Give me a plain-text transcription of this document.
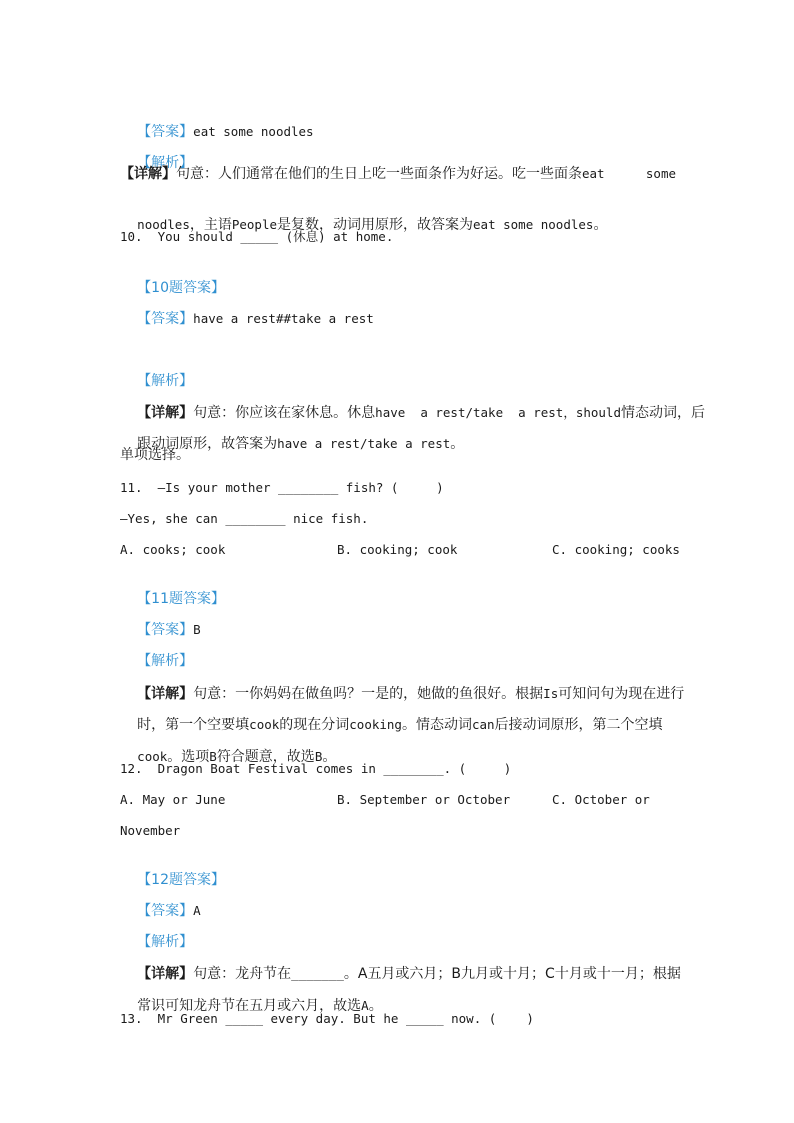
【答案】eat some noodles

【解析】

【详解】句意：人们通常在他们的生日上吃一些面条作为好运。吃一些面条eat	some

noodles，主语People是复数，动词用原形，故答案为eat some noodles。

10.  You should _____ (休息) at home.

【10题答案】

【答案】have a rest##take a rest

【解析】

【详解】句意：你应该在家休息。休息have  a rest/take  a rest，should情态动词，后

跟动词原形，故答案为have a rest/take a rest。

单项选择。
11.  —Is your mother ________ fish? (     )
—Yes, she can ________ nice fish.

A. cooks; cook

	B. cooking; cook

	C. cooking; cooks

【11题答案】

【答案】B

【解析】

【详解】句意：一你妈妈在做鱼吗？一是的，她做的鱼很好。根据Is可知问句为现在进行

时，第一个空要填cook的现在分词cooking。情态动词can后接动词原形，第二个空填

cook。选项B符合题意，故选B。

12.  Dragon Boat Festival comes in ________. (     )

A. May or June

	B. September or October

	C. October or

November

【12题答案】

【答案】A

【解析】

【详解】句意：龙舟节在_______。A五月或六月；B九月或十月；C十月或十一月；根据

常识可知龙舟节在五月或六月，故选A。

13.  Mr Green _____ every day. But he _____ now. (    )
